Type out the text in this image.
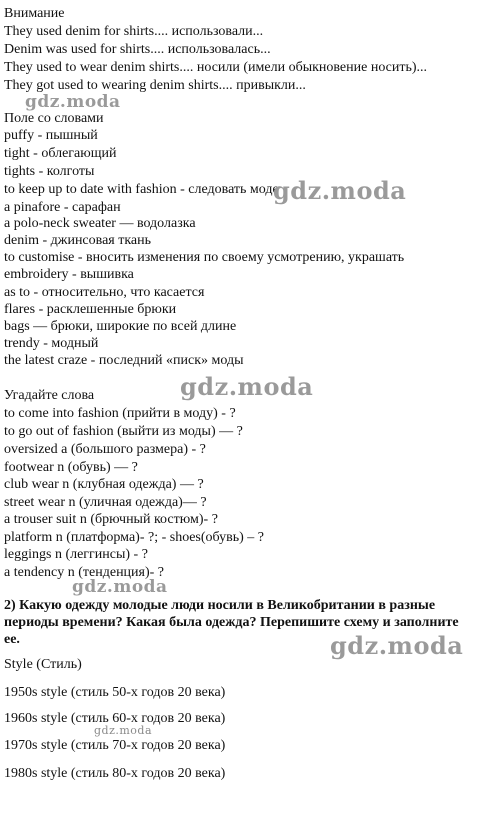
Внимание
They used denim for shirts.... использовали...
Denim was used for shirts.... использовалась...
They used to wear denim shirts.... носили (имели обыкновение носить)...
They got used to wearing denim shirts.... привыкли...
Поле со словами
puffy - пышный
tight - облегающий
tights - колготы
to keep up to date with fashion - следовать моде
a pinafore - сарафан
a polo-neck sweater — водолазка
denim - джинсовая ткань
to customise - вносить изменения по своему усмотрению, украшать
embroidery - вышивка
as to - относительно, что касается
flares - расклешенные брюки
bags — брюки, широкие по всей длине
trendy - модный
the latest craze - последний «писк» моды
Угадайте слова
to come into fashion (прийти в моду) - ?
to go out of fashion (выйти из моды) — ?
oversized a (большого размера) - ?
footwear n (обувь) — ?
club wear n (клубная одежда) — ?
street wear n (уличная одежда)— ?
a trouser suit n (брючный костюм)- ?
platform n (платформа)- ?; - shoes(обувь) – ?
leggings n (леггинсы) - ?
a tendency n (тенденция)- ?
2) Какую одежду молодые люди носили в Великобритании в разные
периоды времени? Какая была одежда? Перепишите схему и заполните
ее.
Style (Стиль)
1950s style (стиль 50-х годов 20 века)
1960s style (стиль 60-х годов 20 века)
1970s style (стиль 70-х годов 20 века)
1980s style (стиль 80-х годов 20 века)
gdz.moda
gdz.moda
gdz.moda
gdz.moda
gdz.moda
gdz.moda
